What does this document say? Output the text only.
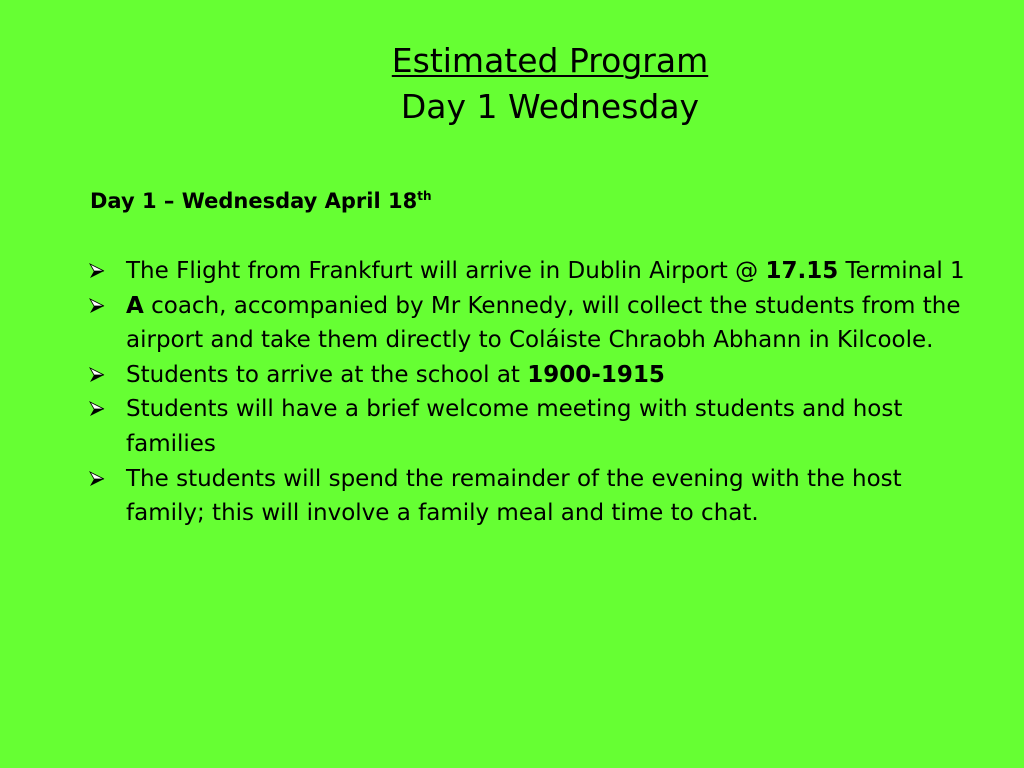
Estimated Program
Day 1 Wednesday
Day 1 – Wednesday April 18th
The Flight from Frankfurt will arrive in Dublin Airport @ 17.15 Terminal 1
A coach, accompanied by Mr Kennedy, will collect the students from the airport and take them directly to Coláiste Chraobh Abhann in Kilcoole.
Students to arrive at the school at 1900-1915
Students will have a brief welcome meeting with students and host families
The students will spend the remainder of the evening with the host family; this will involve a family meal and time to chat.
